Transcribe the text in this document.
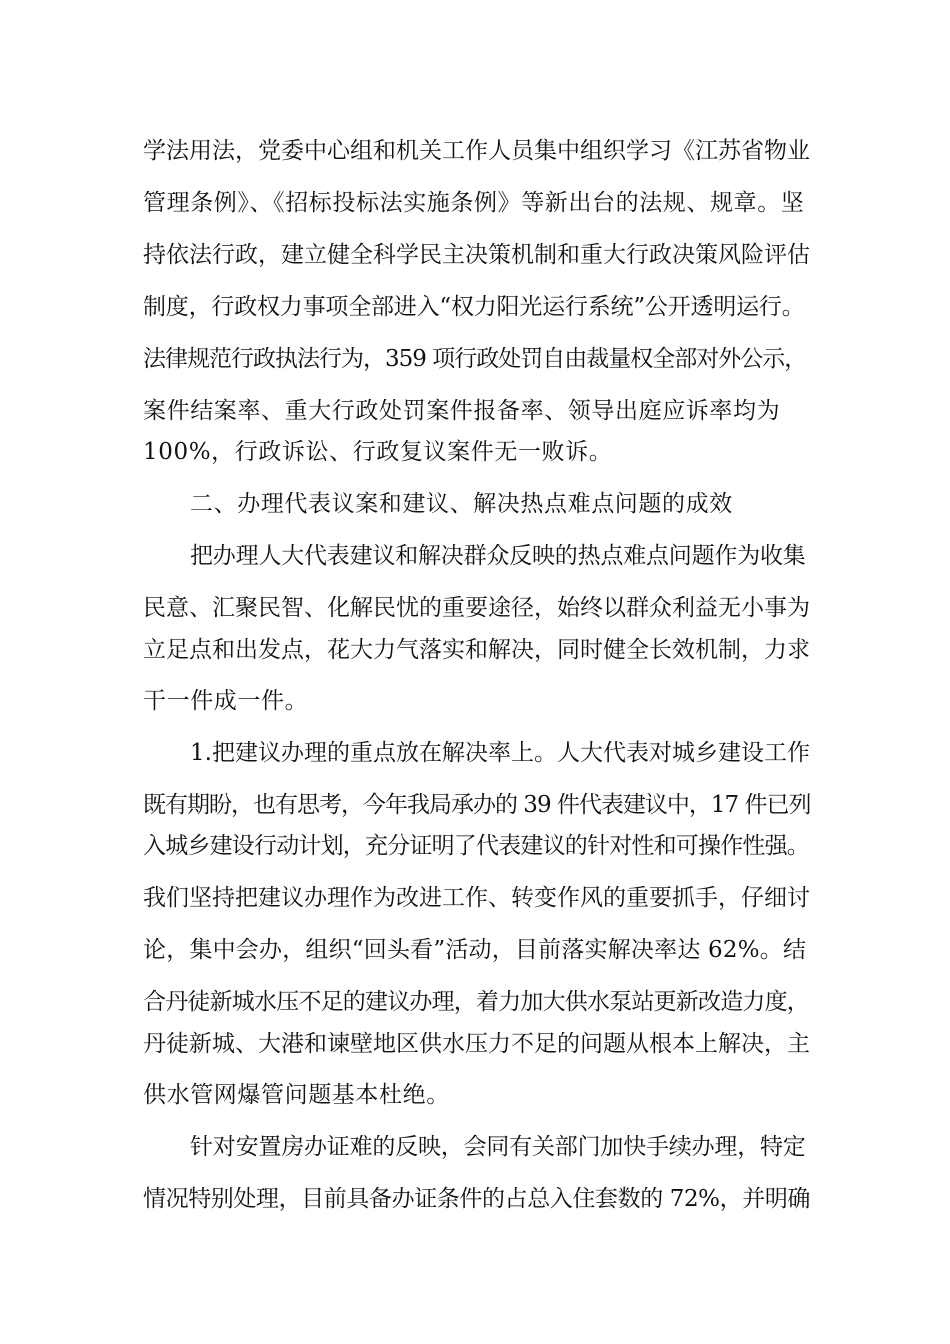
学法用法，党委中心组和机关工作人员集中组织学习《江苏省物业
管理条例》、《招标投标法实施条例》等新出台的法规、规章。坚
持依法行政，建立健全科学民主决策机制和重大行政决策风险评估
制度，行政权力事项全部进入“权力阳光运行系统”公开透明运行。
法律规范行政执法行为，359 项行政处罚自由裁量权全部对外公示，
案件结案率、重大行政处罚案件报备率、领导出庭应诉率均为
100%，行政诉讼、行政复议案件无一败诉。
二、办理代表议案和建议、解决热点难点问题的成效
把办理人大代表建议和解决群众反映的热点难点问题作为收集
民意、汇聚民智、化解民忧的重要途径，始终以群众利益无小事为
立足点和出发点，花大力气落实和解决，同时健全长效机制，力求
干一件成一件。
1.把建议办理的重点放在解决率上。人大代表对城乡建设工作
既有期盼，也有思考，今年我局承办的 39 件代表建议中，17 件已列
入城乡建设行动计划，充分证明了代表建议的针对性和可操作性强。
我们坚持把建议办理作为改进工作、转变作风的重要抓手，仔细讨
论，集中会办，组织“回头看”活动，目前落实解决率达 62%。结
合丹徒新城水压不足的建议办理，着力加大供水泵站更新改造力度，
丹徒新城、大港和谏壁地区供水压力不足的问题从根本上解决，主
供水管网爆管问题基本杜绝。
针对安置房办证难的反映，会同有关部门加快手续办理，特定
情况特别处理，目前具备办证条件的占总入住套数的 72%，并明确
